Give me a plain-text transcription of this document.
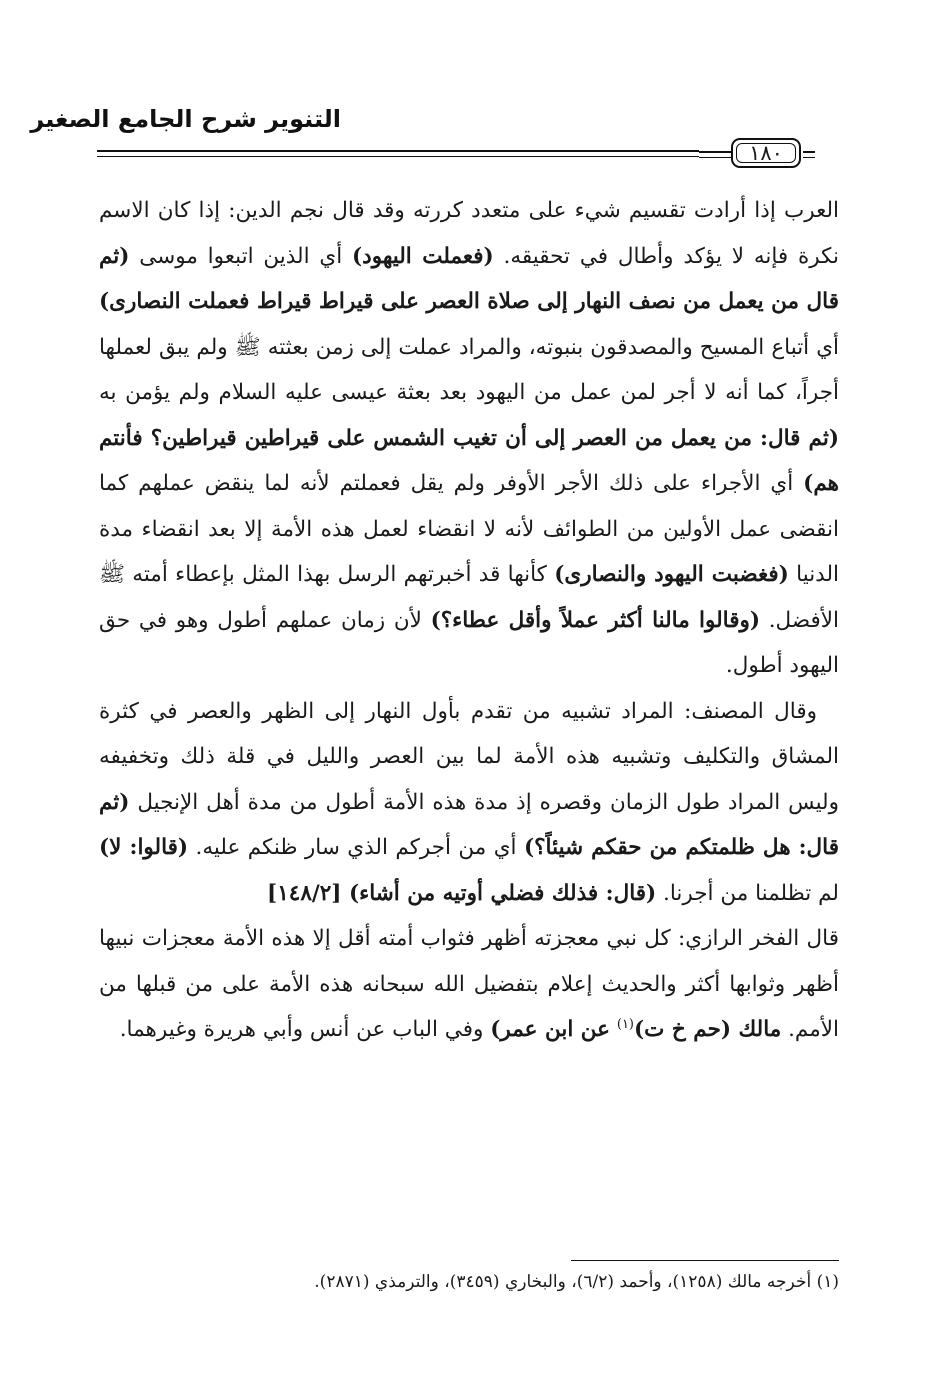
التنوير شرح الجامع الصغير
١٨٠

العرب إذا أرادت تقسيم شيء على متعدد كررته وقد قال نجم الدين: إذا كان الاسم نكرة فإنه لا يؤكد وأطال في تحقيقه. (فعملت اليهود) أي الذين اتبعوا موسى (ثم قال من يعمل من نصف النهار إلى صلاة العصر على قيراط قيراط فعملت النصارى) أي أتباع المسيح والمصدقون بنبوته، والمراد عملت إلى زمن بعثته ﷺ ولم يبق لعملها أجراً، كما أنه لا أجر لمن عمل من اليهود بعد بعثة عيسى عليه السلام ولم يؤمن به (ثم قال: من يعمل من العصر إلى أن تغيب الشمس على قيراطين قيراطين؟ فأنتم هم) أي الأجراء على ذلك الأجر الأوفر ولم يقل فعملتم لأنه لما ينقض عملهم كما انقضى عمل الأولين من الطوائف لأنه لا انقضاء لعمل هذه الأمة إلا بعد انقضاء مدة الدنيا (فغضبت اليهود والنصارى) كأنها قد أخبرتهم الرسل بهذا المثل بإعطاء أمته ﷺ الأفضل. (وقالوا مالنا أكثر عملاً وأقل عطاء؟) لأن زمان عملهم أطول وهو في حق اليهود أطول.

وقال المصنف: المراد تشبيه من تقدم بأول النهار إلى الظهر والعصر في كثرة المشاق والتكليف وتشبيه هذه الأمة لما بين العصر والليل في قلة ذلك وتخفيفه وليس المراد طول الزمان وقصره إذ مدة هذه الأمة أطول من مدة أهل الإنجيل (ثم قال: هل ظلمتكم من حقكم شيئاً؟) أي من أجركم الذي سار ظنكم عليه. (قالوا: لا) لم تظلمنا من أجرنا. (قال: فذلك فضلي أوتيه من أشاء) [١٤٨/٢]

قال الفخر الرازي: كل نبي معجزته أظهر فثواب أمته أقل إلا هذه الأمة معجزات نبيها أظهر وثوابها أكثر والحديث إعلام بتفضيل الله سبحانه هذه الأمة على من قبلها من الأمم. مالك (حم خ ت)$^{(١)}$ عن ابن عمر) وفي الباب عن أنس وأبي هريرة وغيرهما.

(١) أخرجه مالك (١٢٥٨)، وأحمد (٦/٢)، والبخاري (٣٤٥٩)، والترمذي (٢٨٧١).
